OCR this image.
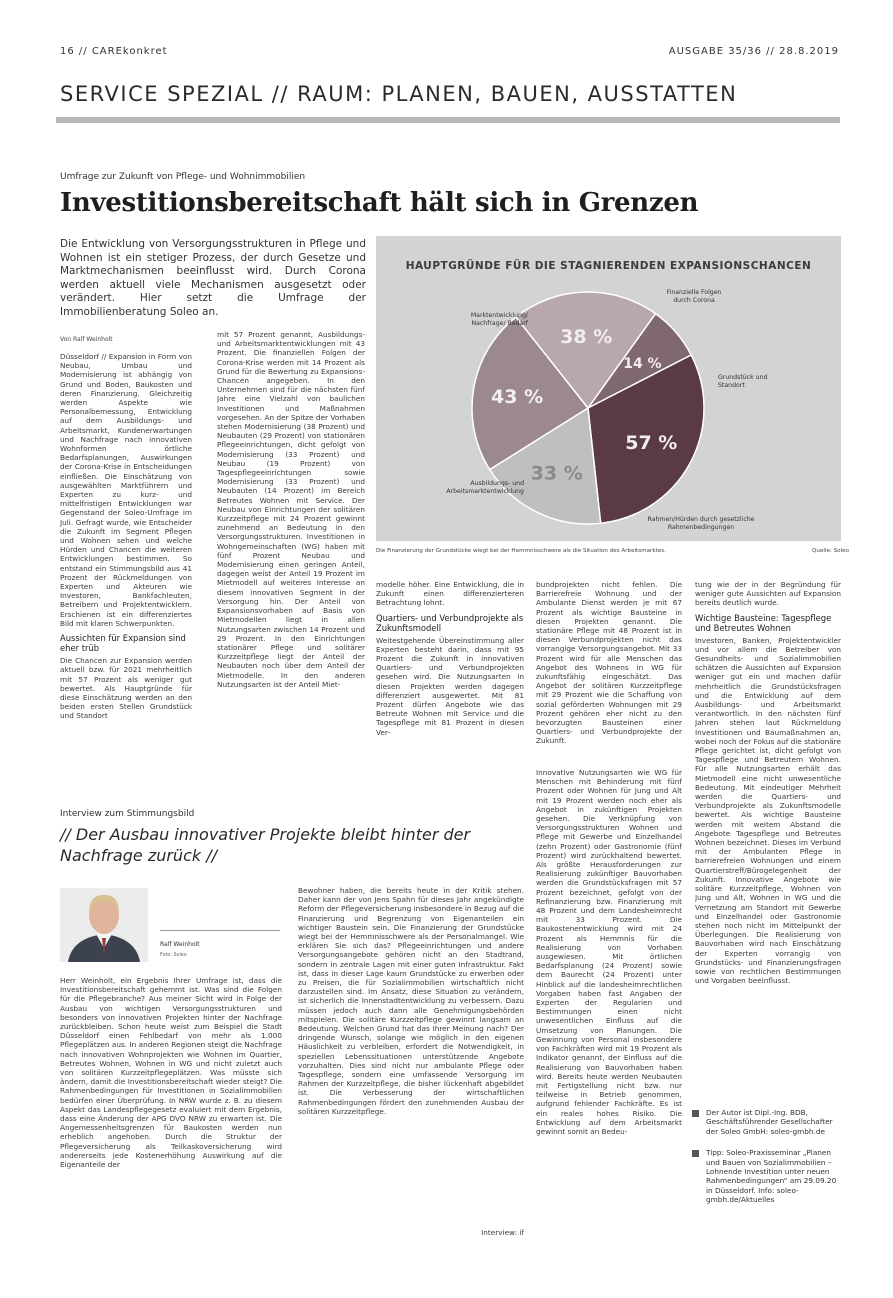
16 // CAREkonkret	AUSGABE 35/36 // 28.8.2019
SERVICE SPEZIAL // RAUM: PLANEN, BAUEN, AUSSTATTEN
Umfrage zur Zukunft von Pflege- und Wohnimmobilien
Investitionsbereitschaft hält sich in Grenzen
Die Entwicklung von Versorgungsstrukturen in Pflege und Wohnen ist ein stetiger Prozess, der durch Gesetze und Marktmechanismen beeinflusst wird. Durch Corona werden aktuell viele Mechanismen ausgesetzt oder verändert. Hier setzt die Umfrage der Immobilienberatung Soleo an.
Von Ralf Weinholt

Düsseldorf // Expansion in Form von Neubau, Umbau und Modernisierung ist abhängig von Grund und Boden, Baukosten und deren Finanzierung. Gleichzeitig werden Aspekte wie Personalbemessung, Entwicklung auf dem Ausbildungs- und Arbeitsmarkt, Kundenerwartungen und Nachfrage nach innovativen Wohnformen örtliche Bedarfsplanungen, Auswirkungen der Corona-Krise in Entscheidungen einfließen. Die Einschätzung von ausgewählten Marktführern und Experten zu kurz- und mittelfristigen Entwicklungen war Gegenstand der Soleo-Umfrage im Juli. Gefragt wurde, wie Entscheider die Zukunft im Segment Pflegen und Wohnen sehen und welche Hürden und Chancen die weiteren Entwicklungen bestimmen. So entstand ein Stimmungsbild aus 41 Prozent der Rückmeldungen von Experten und Akteuren wie Investoren, Bankfachleuten, Betreibern und Projektentwicklern. Erschienen ist ein differenziertes Bild mit klaren Schwerpunkten.

Aussichten für Expansion sind eher trüb

Die Chancen zur Expansion werden aktuell bzw. für 2021 mehrheitlich mit 57 Prozent als weniger gut bewertet. Als Hauptgründe für diese Einschätzung werden an den beiden ersten Stellen Grundstück und Standort

mit 57 Prozent genannt, Ausbildungs- und Arbeitsmarktentwicklungen mit 43 Prozent. Die finanziellen Folgen der Corona-Krise werden mit 14 Prozent als Grund für die Bewertung zu Expansions-Chancen angegeben. In den Unternehmen sind für die nächsten fünf Jahre eine Vielzahl von baulichen Investitionen und Maßnahmen vorgesehen. An der Spitze der Vorhaben stehen Modernisierung (38 Prozent) und Neubauten (29 Prozent) von stationären Pflegeeinrichtungen, dicht gefolgt von Modernisierung (33 Prozent) und Neubau (19 Prozent) von Tagespflegeeinrichtungen sowie Modernisierung (33 Prozent) und Neubauten (14 Prozent) im Bereich Betreutes Wohnen mit Service. Der Neubau von Einrichtungen der solitären Kurzzeitpflege mit 24 Prozent gewinnt zunehmend an Bedeutung in den Versorgungsstrukturen. Investitionen in Wohngemeinschaften (WG) haben mit fünf Prozent Neubau und Modernisierung einen geringen Anteil, dagegen weist der Anteil 19 Prozent im Mietmodell auf weiteres Interesse an diesem innovativen Segment in der Versorgung hin. Der Anteil von Expansionsvorhaben auf Basis von Mietmodellen liegt in allen Nutzungsarten zwischen 14 Prozent und 29 Prozent. In den Einrichtungen stationärer Pflege und solitärer Kurzzeitpflege liegt der Anteil der Neubauten noch über dem Anteil der Mietmodelle. In den anderen Nutzungsarten ist der Anteil Miet-

HAUPTGRÜNDE FÜR DIE STAGNIERENDEN EXPANSIONSCHANCEN
14 %
57 %
33 %
43 %
38 %
Finanzielle Folgen durch Corona
Grundstück und Standort
Rahmen/Hürden durch gesetzliche Rahmenbedingungen
Ausbildungs- und Arbeitsmarktentwicklung
Marktentwicklung/ Nachfrage/ Bedarf
Die Finanzierung der Grundstücke wiegt bei der Hemmnisschwere als die Situation des Arbeitsmarktes.	Quelle: Soleo

modelle höher. Eine Entwicklung, die in Zukunft einen differenzierteren Betrachtung lohnt.

Quartiers- und Verbundprojekte als Zukunftsmodell

Weitestgehende Übereinstimmung aller Experten besteht darin, dass mit 95 Prozent die Zukunft in innovativen Quartiers- und Verbundprojekten gesehen wird. Die Nutzungsarten in diesen Projekten werden dagegen differenziert ausgewertet. Mit 81 Prozent dürfen Angebote wie das Betreute Wohnen mit Service und die Tagespflege mit 81 Prozent in diesen Ver-

bundprojekten nicht fehlen. Die Barrierefreie Wohnung und der Ambulante Dienst werden je mit 67 Prozent als wichtige Bausteine in diesen Projekten genannt. Die stationäre Pflege mit 48 Prozent ist in diesen Verbundprojekten nicht das vorrangige Versorgungsangebot. Mit 33 Prozent wird für alle Menschen das Angebot des Wohnens in WG für zukunftsfähig eingeschätzt. Das Angebot der solitären Kurzzeitpflege mit 29 Prozent wie die Schaffung von sozial geförderten Wohnungen mit 29 Prozent gehören eher nicht zu den bevorzugten Bausteinen einer Quartiers- und Verbundprojekte der Zukunft.

tung wie der in der Begründung für weniger gute Aussichten auf Expansion bereits deutlich wurde.

Wichtige Bausteine: Tagespflege und Betreutes Wohnen

Investoren, Banken, Projektentwickler und vor allem die Betreiber von Gesundheits- und Sozialimmobilien schätzen die Aussichten auf Expansion weniger gut ein und machen dafür mehrheitlich die Grundstücksfragen und die Entwicklung auf dem Ausbildungs- und Arbeitsmarkt verantwortlich. In den nächsten fünf Jahren stehen laut Rückmeldung Investitionen und Baumaßnahmen an, wobei noch der Fokus auf die stationäre Pflege gerichtet ist, dicht gefolgt von Tagespflege und Betreutem Wohnen. Für alle Nutzungsarten erhält das Mietmodell eine nicht unwesentliche Bedeutung. Mit eindeutiger Mehrheit werden die Quartiers- und Verbundprojekte als Zukunftsmodelle bewertet. Als wichtige Bausteine werden mit weitem Abstand die Angebote Tagespflege und Betreutes Wohnen bezeichnet. Dieses im Verbund mit der Ambulanten Pflege in barrierefreien Wohnungen und einem Quartierstreff/Bürogelegenheit der Zukunft. Innovative Angebote wie solitäre Kurzzeitpflege, Wohnen von Jung und Alt, Wohnen in WG und die Vernetzung am Standort mit Gewerbe und Einzelhandel oder Gastronomie stehen noch nicht im Mittelpunkt der Überlegungen. Die Realisierung von Bauvorhaben wird nach Einschätzung der Experten vorrangig von Grundstücks- und Finanzierungsfragen sowie von rechtlichen Bestimmungen und Vorgaben beeinflusst.

Interview zum Stimmungsbild
// Der Ausbau innovativer Projekte bleibt hinter der Nachfrage zurück //
Ralf Weinholt
Foto: Soleo

Herr Weinholt, ein Ergebnis Ihrer Umfrage ist, dass die Investitionsbereitschaft gehemmt ist. Was sind die Folgen für die Pflegebranche? Aus meiner Sicht wird in Folge der Ausbau von wichtigen Versorgungsstrukturen und besonders von innovativen Projekten hinter der Nachfrage zurückbleiben. Schon heute weist zum Beispiel die Stadt Düsseldorf einen Fehlbedarf von mehr als 1.000 Pflegeplätzen aus. In anderen Regionen steigt die Nachfrage nach innovativen Wohnprojekten wie Wohnen im Quartier, Betreutes Wohnen, Wohnen in WG und nicht zuletzt auch von solitären Kurzzeitpflegeplätzen. Was müsste sich ändern, damit die Investitionsbereitschaft wieder steigt? Die Rahmenbedingungen für Investitionen in Sozialimmobilien bedürfen einer Überprüfung. In NRW wurde z. B. zu diesem Aspekt das Landespflegegesetz evaluiert mit dem Ergebnis, dass eine Änderung der APG DVO NRW zu erwarten ist. Die Angemessenheitsgrenzen für Baukosten werden nun erheblich angehoben. Durch die Struktur der Pflegeversicherung als Teilkaskoversicherung wird andererseits jede Kostenerhöhung Auswirkung auf die Eigenanteile der

Bewohner haben, die bereits heute in der Kritik stehen. Daher kann der von Jens Spahn für dieses Jahr angekündigte Reform der Pflegeversicherung insbesondere in Bezug auf die Finanzierung und Begrenzung von Eigenanteilen ein wichtiger Baustein sein. Die Finanzierung der Grundstücke wiegt bei der Hemmnisschwere als der Personalmangel. Wie erklären Sie sich das? Pflegeeinrichtungen und andere Versorgungsangebote gehören nicht an den Stadtrand, sondern in zentrale Lagen mit einer guten Infrastruktur. Fakt ist, dass in dieser Lage kaum Grundstücke zu erwerben oder zu Preisen, die für Sozialimmobilien wirtschaftlich nicht darzustellen sind. Im Ansatz, diese Situation zu verändern, ist sicherlich die Innenstadtentwicklung zu verbessern. Dazu müssen jedoch auch dann alle Genehmigungsbehörden mitspielen. Die solitäre Kurzzeitpflege gewinnt langsam an Bedeutung. Welchen Grund hat das Ihrer Meinung nach? Der dringende Wunsch, solange wie möglich in den eigenen Häuslichkeit zu verbleiben, erfordert die Notwendigkeit, in speziellen Lebenssituationen unterstützende Angebote vorzuhalten. Dies sind nicht nur ambulante Pflege oder Tagespflege, sondern eine umfassende Versorgung im Rahmen der Kurzzeitpflege, die bisher lückenhaft abgebildet ist. Die Verbesserung der wirtschaftlichen Rahmenbedingungen fördert den zunehmenden Ausbau der solitären Kurzzeitpflege.

Interview: if

Innovative Nutzungsarten wie WG für Menschen mit Behinderung mit fünf Prozent oder Wohnen für Jung und Alt mit 19 Prozent werden noch eher als Angebot in zukünftigen Projekten gesehen. Die Verknüpfung von Versorgungsstrukturen Wohnen und Pflege mit Gewerbe und Einzelhandel (zehn Prozent) oder Gastronomie (fünf Prozent) wird zurückhaltend bewertet. Als größte Herausforderungen zur Realisierung zukünftiger Bauvorhaben werden die Grundstücksfragen mit 57 Prozent bezeichnet, gefolgt von der Refinanzierung bzw. Finanzierung mit 48 Prozent und dem Landesheimrecht mit 33 Prozent. Die Baukostenentwicklung wird mit 24 Prozent als Hemmnis für die Realisierung von Vorhaben ausgewiesen. Mit örtlichen Bedarfsplanung (24 Prozent) sowie dem Baurecht (24 Prozent) unter Hinblick auf die landesheimrechtlichen Vorgaben haben fast Angaben der Experten der Regularien und Bestimmungen einen nicht unwesentlichen Einfluss auf die Umsetzung von Planungen. Die Gewinnung von Personal insbesondere von Fachkräften wird mit 19 Prozent als Indikator genannt, der Einfluss auf die Realisierung von Bauvorhaben haben wird. Bereits heute werden Neubauten mit Fertigstellung nicht bzw. nur teilweise in Betrieb genommen, aufgrund fehlender Fachkräfte. Es ist ein reales hohes Risiko. Die Entwicklung auf dem Arbeitsmarkt gewinnt somit an Bedeu-

Der Autor ist Dipl.-Ing. BDB, Geschäftsführender Gesellschafter der Soleo GmbH: soleo-gmbh.de
Tipp: Soleo-Praxisseminar „Planen und Bauen von Sozialimmobilien – Lohnende Investition unter neuen Rahmenbedingungen“ am 29.09.20 in Düsseldorf. Info: soleo-gmbh.de/Aktuelles
